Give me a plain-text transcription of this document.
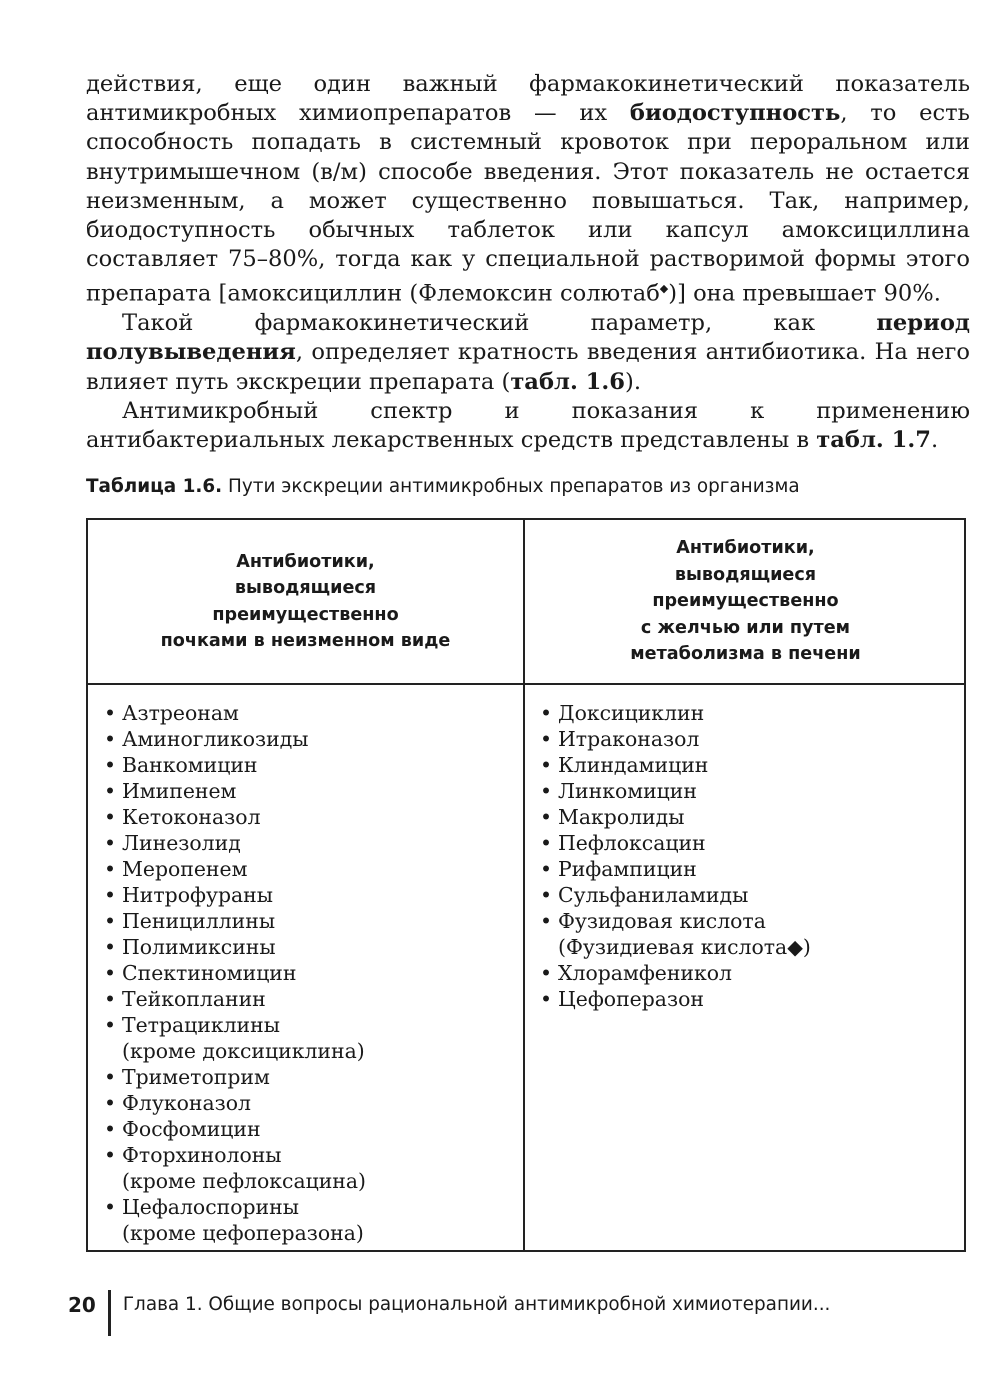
действия, еще один важный фармакокинетический показатель антимикробных химиопрепаратов — их биодоступность, то есть способность попадать в системный кровоток при пероральном или внутримышечном (в/м) способе введения. Этот показатель не остается неизменным, а может существенно повышаться. Так, например, биодоступность обычных таблеток или капсул амоксициллина составляет 75–80%, тогда как у специальной растворимой формы этого препарата [амоксициллин (Флемоксин солютаб◆)] она превышает 90%.

Такой фармакокинетический параметр, как период полувыведения, определяет кратность введения антибиотика. На него влияет путь экскреции препарата (табл. 1.6).

Антимикробный спектр и показания к применению антибактериальных лекарственных средств представлены в табл. 1.7.

Таблица 1.6. Пути экскреции антимикробных препаратов из организма
Антибиотики,
выводящиеся
преимущественно
почками в неизменном виде
Антибиотики,
выводящиеся
преимущественно
с желчью или путем
метаболизма в печени
• Азтреонам
• Аминогликозиды
• Ванкомицин
• Имипенем
• Кетоконазол
• Линезолид
• Меропенем
• Нитрофураны
• Пенициллины
• Полимиксины
• Спектиномицин
• Тейкопланин
• Тетрациклины
(кроме доксициклина)
• Триметоприм
• Флуконазол
• Фосфомицин
• Фторхинолоны
(кроме пефлоксацина)
• Цефалоспорины
(кроме цефоперазона)
• Доксициклин
• Итраконазол
• Клиндамицин
• Линкомицин
• Макролиды
• Пефлоксацин
• Рифампицин
• Сульфаниламиды
• Фузидовая кислота
(Фузидиевая кислота◆)
• Хлорамфеникол
• Цефоперазон
20 Глава 1. Общие вопросы рациональной антимикробной химиотерапии...
